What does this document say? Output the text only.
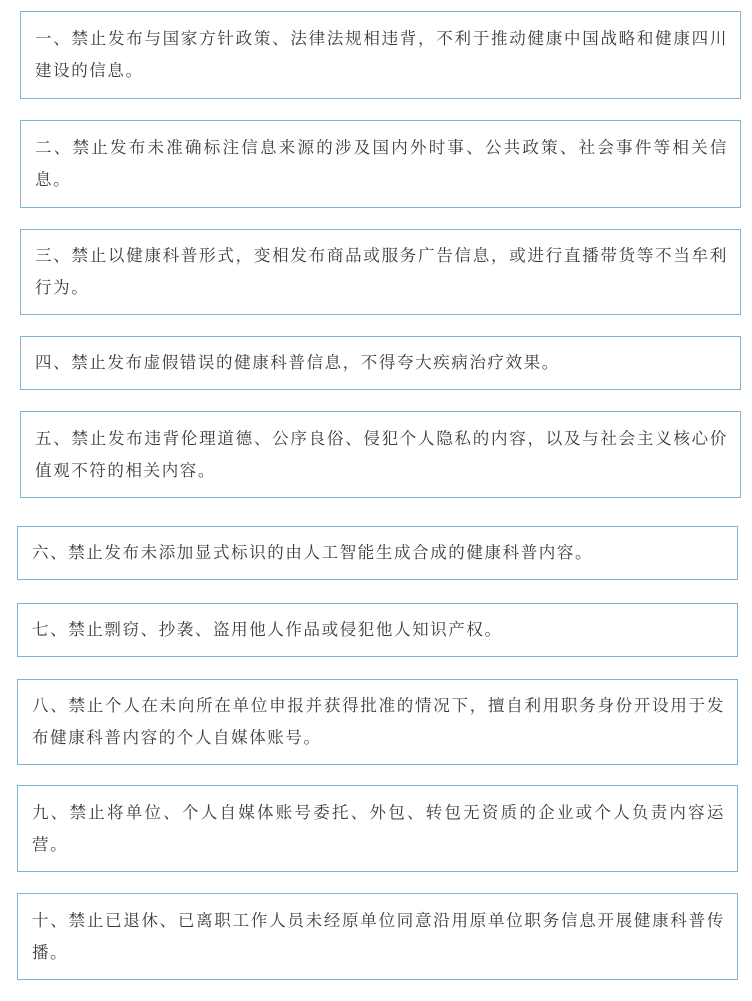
一、禁止发布与国家方针政策、法律法规相违背，不利于推动健康中国战略和健康四川建设的信息。

二、禁止发布未准确标注信息来源的涉及国内外时事、公共政策、社会事件等相关信息。

三、禁止以健康科普形式，变相发布商品或服务广告信息，或进行直播带货等不当牟利行为。

四、禁止发布虚假错误的健康科普信息，不得夸大疾病治疗效果。

五、禁止发布违背伦理道德、公序良俗、侵犯个人隐私的内容，以及与社会主义核心价值观不符的相关内容。

六、禁止发布未添加显式标识的由人工智能生成合成的健康科普内容。

七、禁止剽窃、抄袭、盗用他人作品或侵犯他人知识产权。

八、禁止个人在未向所在单位申报并获得批准的情况下，擅自利用职务身份开设用于发布健康科普内容的个人自媒体账号。

九、禁止将单位、个人自媒体账号委托、外包、转包无资质的企业或个人负责内容运营。

十、禁止已退休、已离职工作人员未经原单位同意沿用原单位职务信息开展健康科普传播。
